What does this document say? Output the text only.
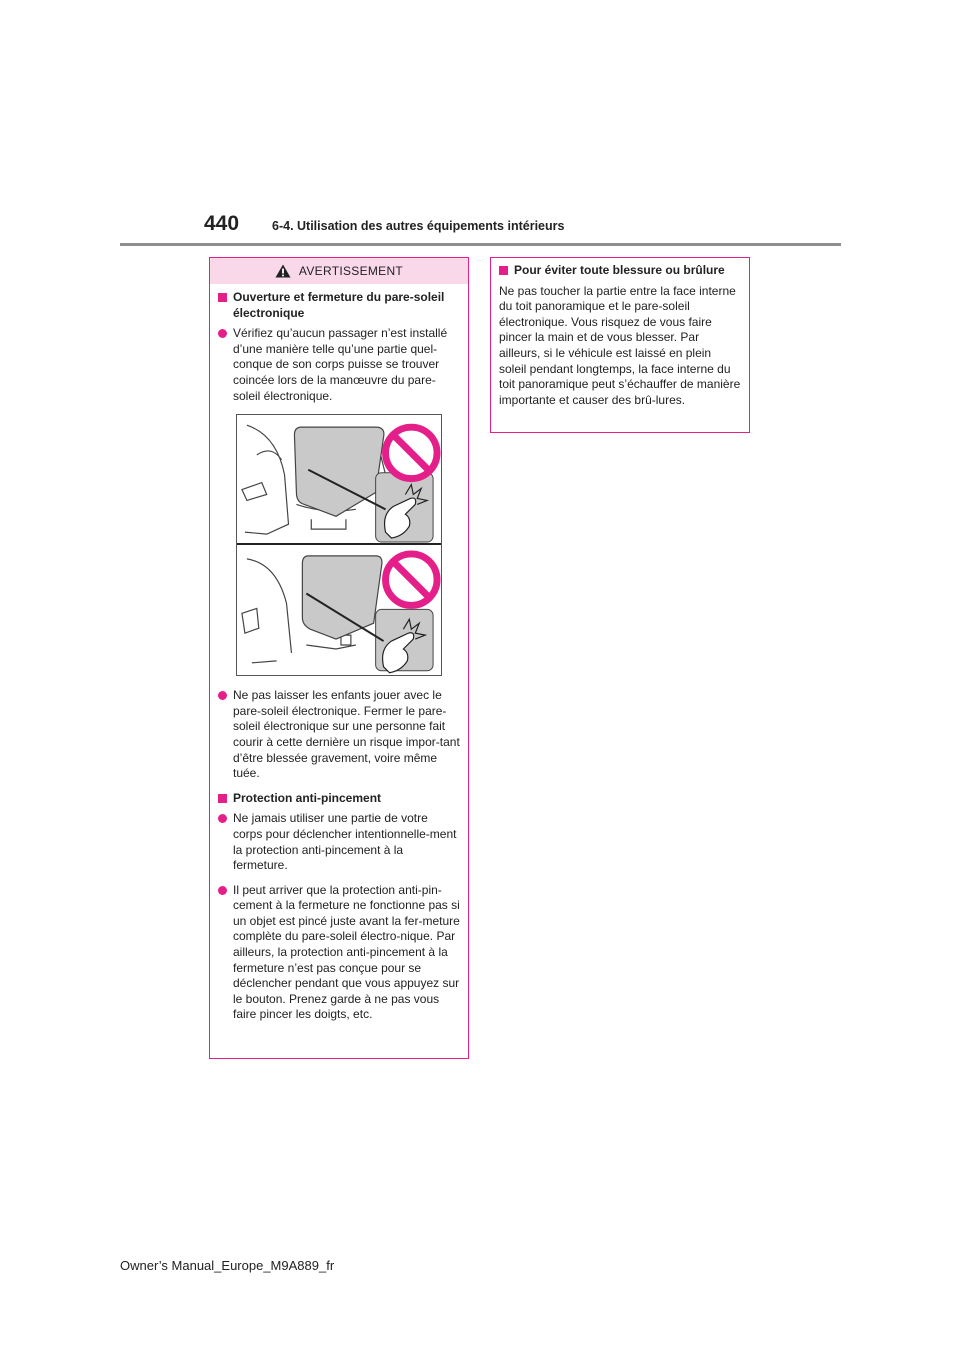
440	6-4. Utilisation des autres équipements intérieurs
AVERTISSEMENT
Ouverture et fermeture du pare-soleil électronique
Vérifiez qu’aucun passager n’est installé d’une manière telle qu’une partie quel-conque de son corps puisse se trouver coincée lors de la manœuvre du pare-soleil électronique.
Ne pas laisser les enfants jouer avec le pare-soleil électronique. Fermer le pare-soleil électronique sur une personne fait courir à cette dernière un risque impor-tant d’être blessée gravement, voire même tuée.
Protection anti-pincement
Ne jamais utiliser une partie de votre corps pour déclencher intentionnelle-ment la protection anti-pincement à la fermeture.
Il peut arriver que la protection anti-pin-cement à la fermeture ne fonctionne pas si un objet est pincé juste avant la fer-meture complète du pare-soleil électro-nique. Par ailleurs, la protection anti-pincement à la fermeture n’est pas conçue pour se déclencher pendant que vous appuyez sur le bouton. Prenez garde à ne pas vous faire pincer les doigts, etc.
Pour éviter toute blessure ou brûlure

Ne pas toucher la partie entre la face interne du toit panoramique et le pare-soleil électronique. Vous risquez de vous faire pincer la main et de vous blesser. Par ailleurs, si le véhicule est laissé en plein soleil pendant longtemps, la face interne du toit panoramique peut s’échauffer de manière importante et causer des brû-lures.

Owner’s Manual_Europe_M9A889_fr
